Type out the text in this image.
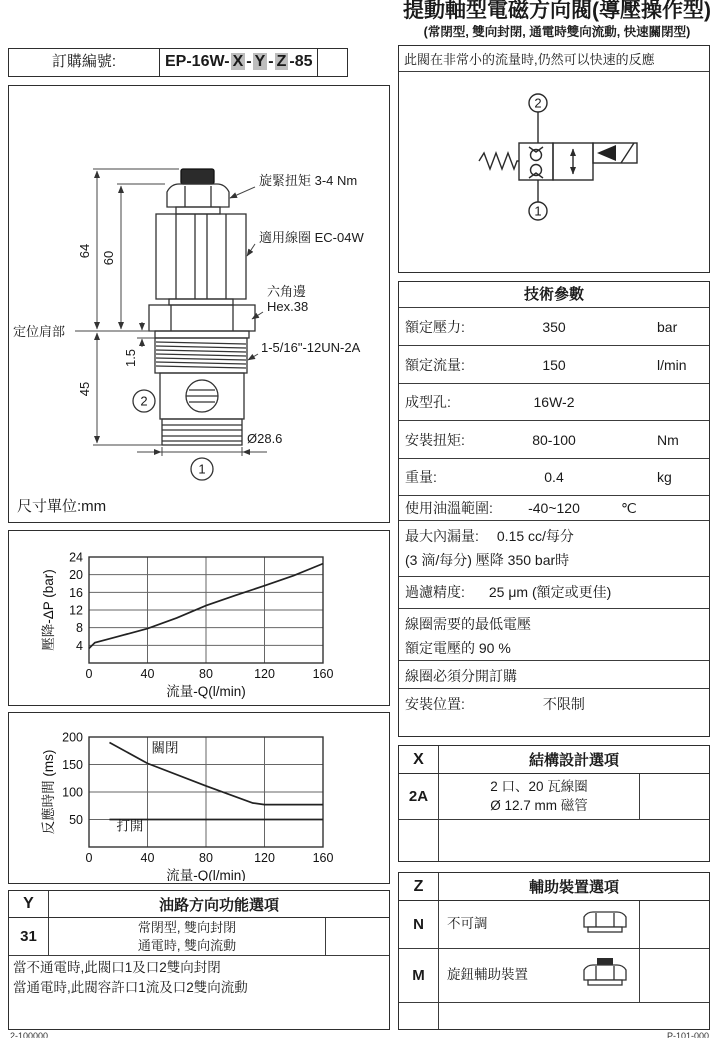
提動軸型電磁方向閥(導壓操作型)
(常閉型, 雙向封閉, 通電時雙向流動, 快速關閉型)
訂購編號:	EP-16W- X - Y - Z -85
旋緊扭矩 3-4 Nm
適用線圈 EC-04W
六角邊
Hex.38
1-5/16"-12UN-2A
定位肩部
Ø28.6
64 60
45
1.5
2
1
尺寸單位:mm
0	40	80	120	160
4
8
12
16
20
24
流量-Q(l/min)
壓降-ΔP (bar)
0	40	80	120	160
50
100
150
200
關閉
打開
流量-Q(l/min)
反應時間 (ms)
此閥在非常小的流量時,仍然可以快速的反應
2
1
技術參數
額定壓力:	350	bar
額定流量:	150	l/min
成型孔:	16W-2
安裝扭矩:	80-100	Nm
重量:	0.4	kg
使用油溫範圍:	-40~120	℃
最大內漏量: 0.15 cc/每分
(3 滴/每分) 壓降 350 bar時
過濾精度: 25 μm (額定或更佳)
線圈需要的最低電壓
額定電壓的 90 %
線圈必須分開訂購
安裝位置:	不限制
X	結構設計選項
2A
2 口、20 瓦線圈
Ø 12.7 mm 磁管
Z	輔助裝置選項
N	不可調
M	旋鈕輔助裝置
Y	油路方向功能選項
31
常閉型, 雙向封閉
通電時, 雙向流動
當不通電時,此閥口1及口2雙向封閉
當通電時,此閥容許口1流及口2雙向流動
2-100000	P-101-000
